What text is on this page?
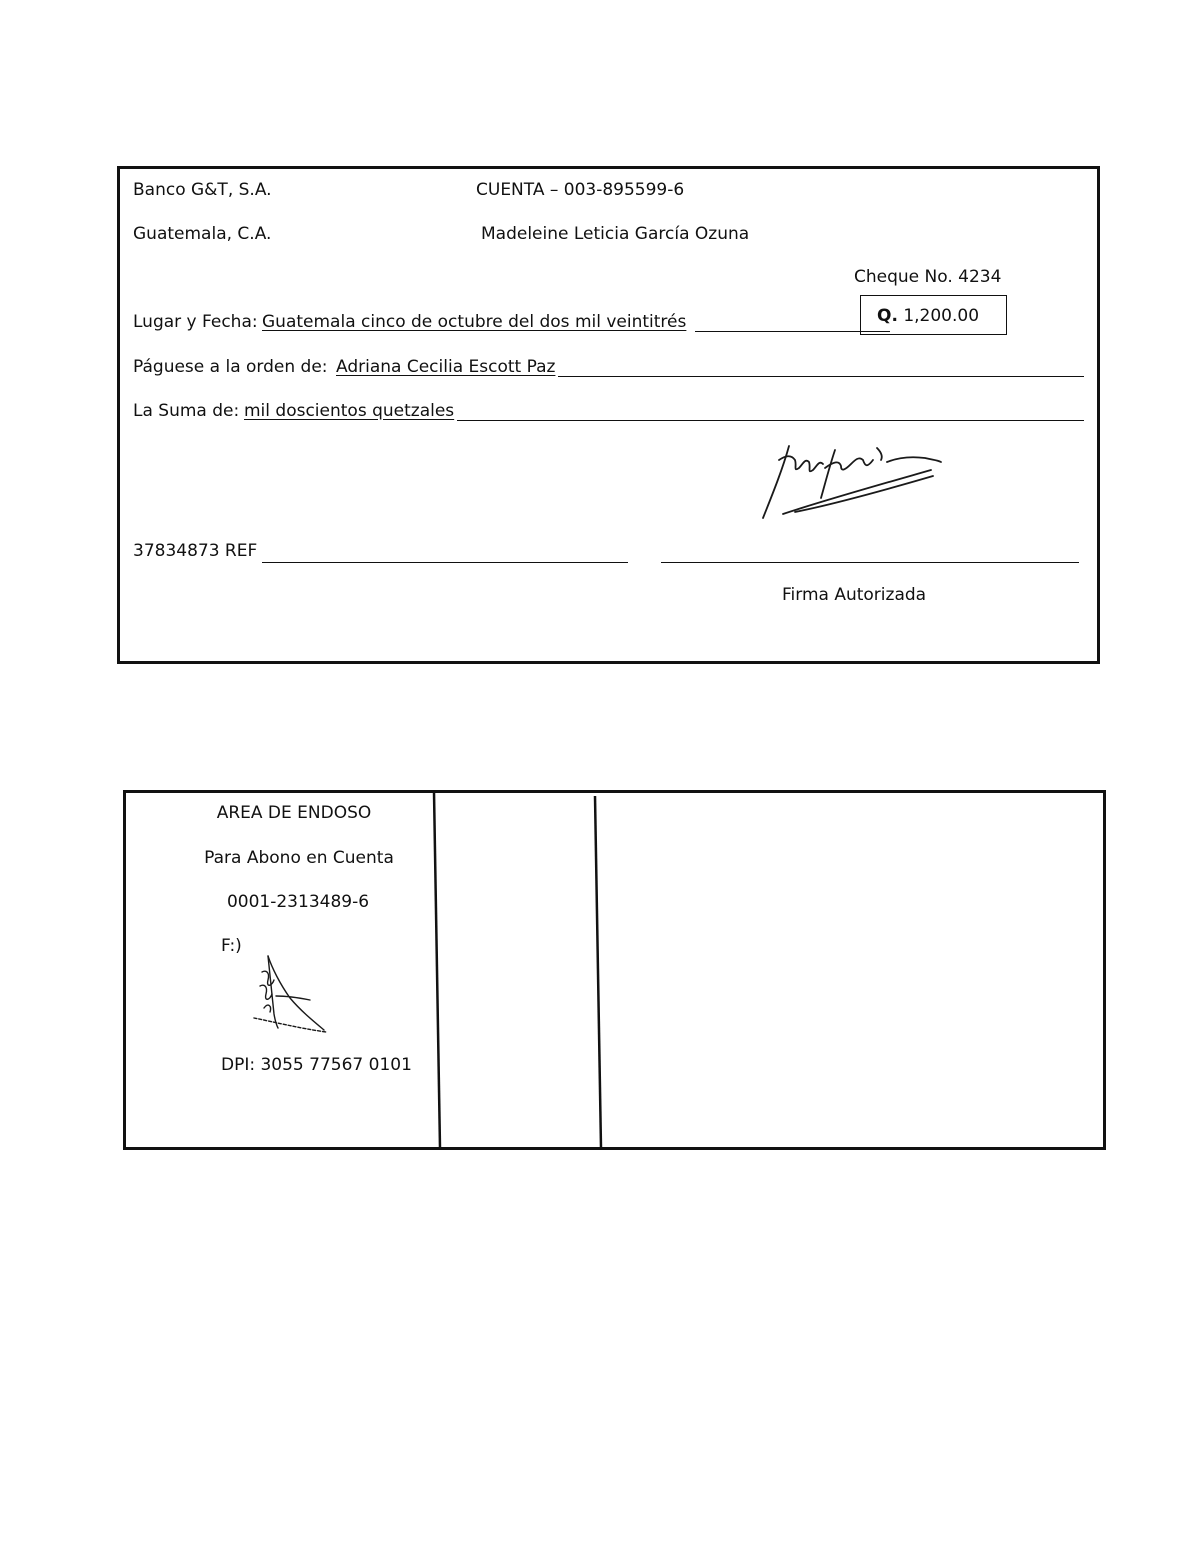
Banco G&T, S.A.	CUENTA – 003-895599-6
Guatemala, C.A.	Madeleine Leticia García Ozuna
Cheque No. 4234
Q. 1,200.00
Lugar y Fecha: Guatemala cinco de octubre del dos mil veintitrés
Páguese a la orden de: Adriana Cecilia Escott Paz
La Suma de: mil doscientos quetzales
37834873 REF
Firma Autorizada
AREA DE ENDOSO
Para Abono en Cuenta
0001-2313489-6
F:)
DPI: 3055 77567 0101
